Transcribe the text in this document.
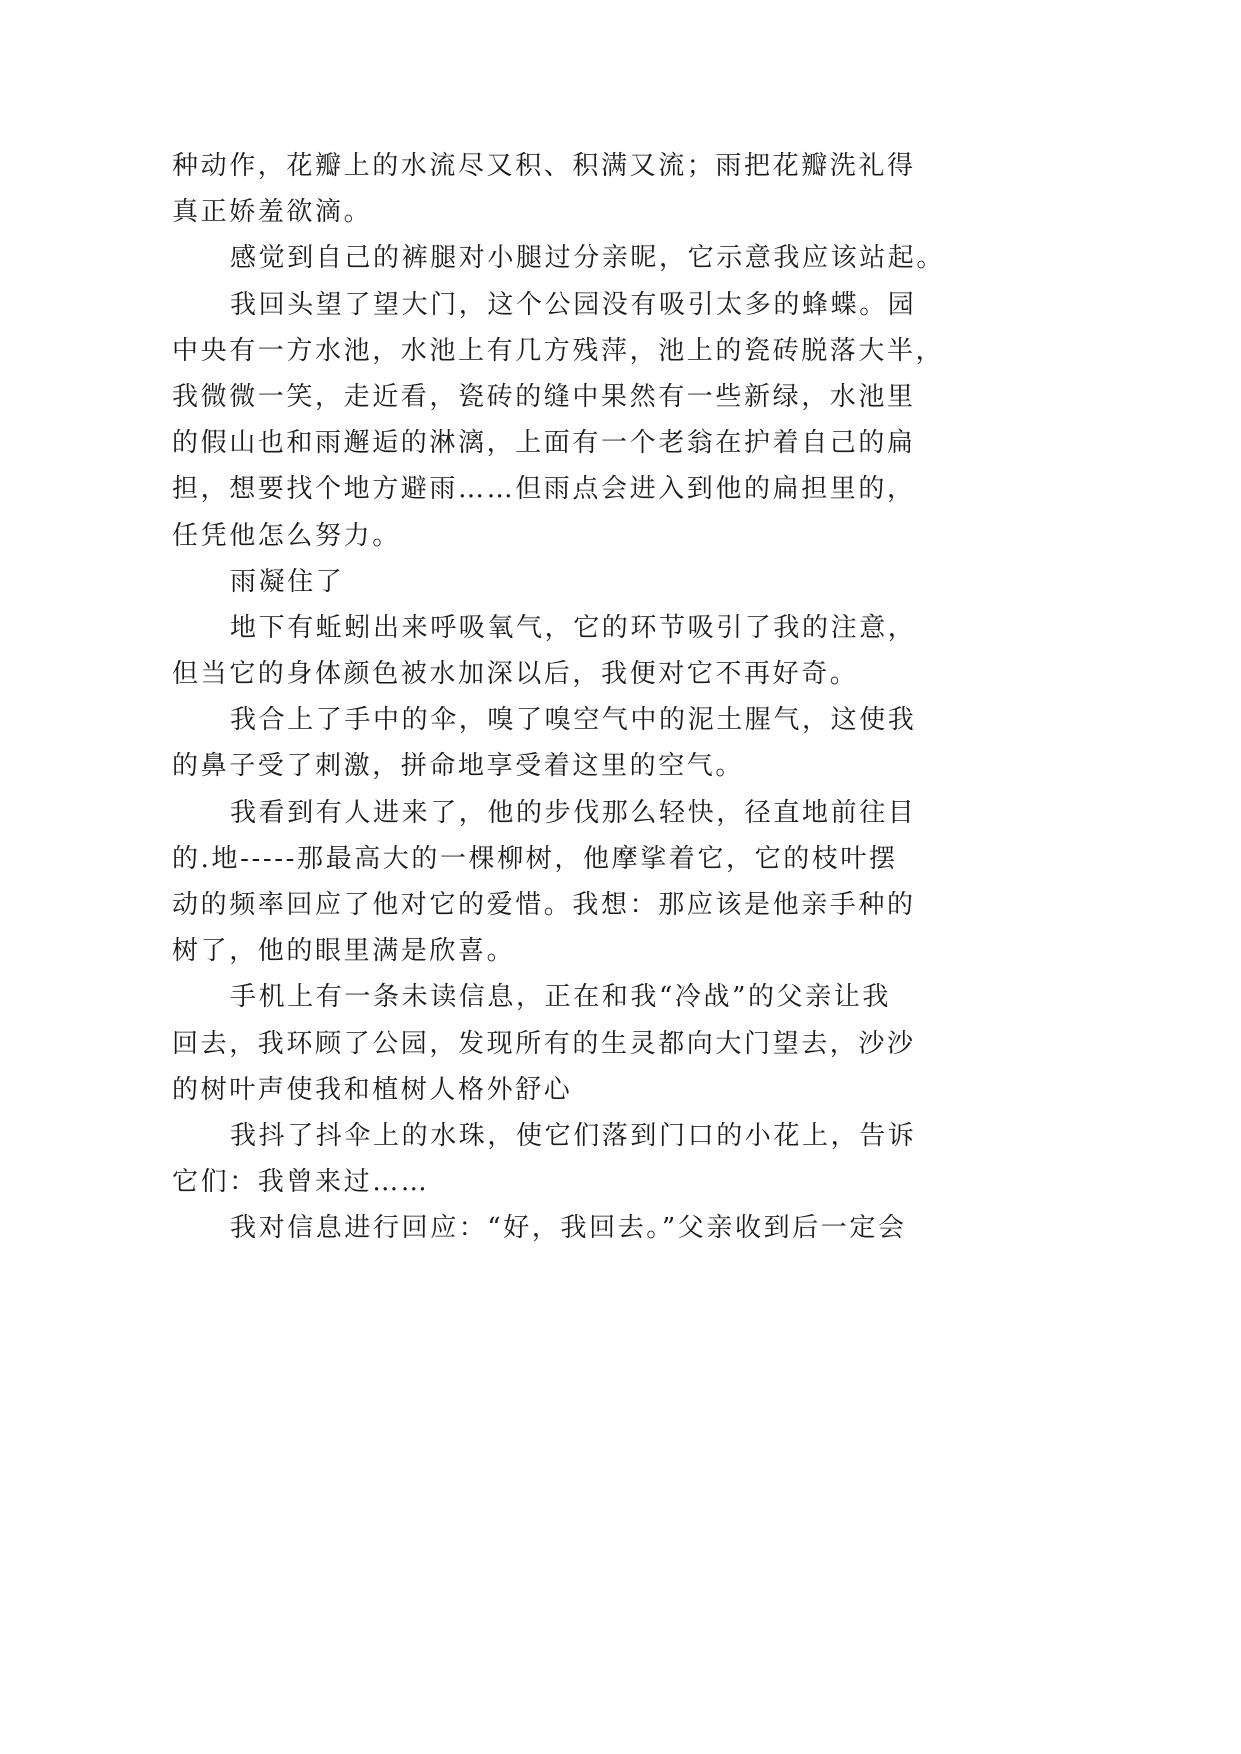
种动作，花瓣上的水流尽又积、积满又流；雨把花瓣洗礼得
真正娇羞欲滴。

感觉到自己的裤腿对小腿过分亲昵，它示意我应该站起。

我回头望了望大门，这个公园没有吸引太多的蜂蝶。园
中央有一方水池，水池上有几方残萍，池上的瓷砖脱落大半，
我微微一笑，走近看，瓷砖的缝中果然有一些新绿，水池里
的假山也和雨邂逅的淋漓，上面有一个老翁在护着自己的扁
担，想要找个地方避雨……但雨点会进入到他的扁担里的，
任凭他怎么努力。

雨凝住了

地下有蚯蚓出来呼吸氧气，它的环节吸引了我的注意，
但当它的身体颜色被水加深以后，我便对它不再好奇。

我合上了手中的伞，嗅了嗅空气中的泥土腥气，这使我
的鼻子受了刺激，拼命地享受着这里的空气。

我看到有人进来了，他的步伐那么轻快，径直地前往目
的.地-----那最高大的一棵柳树，他摩挲着它，它的枝叶摆
动的频率回应了他对它的爱惜。我想：那应该是他亲手种的
树了，他的眼里满是欣喜。

手机上有一条未读信息，正在和我“冷战”的父亲让我
回去，我环顾了公园，发现所有的生灵都向大门望去，沙沙
的树叶声使我和植树人格外舒心

我抖了抖伞上的水珠，使它们落到门口的小花上，告诉
它们：我曾来过……

我对信息进行回应：“好，我回去。”父亲收到后一定会
